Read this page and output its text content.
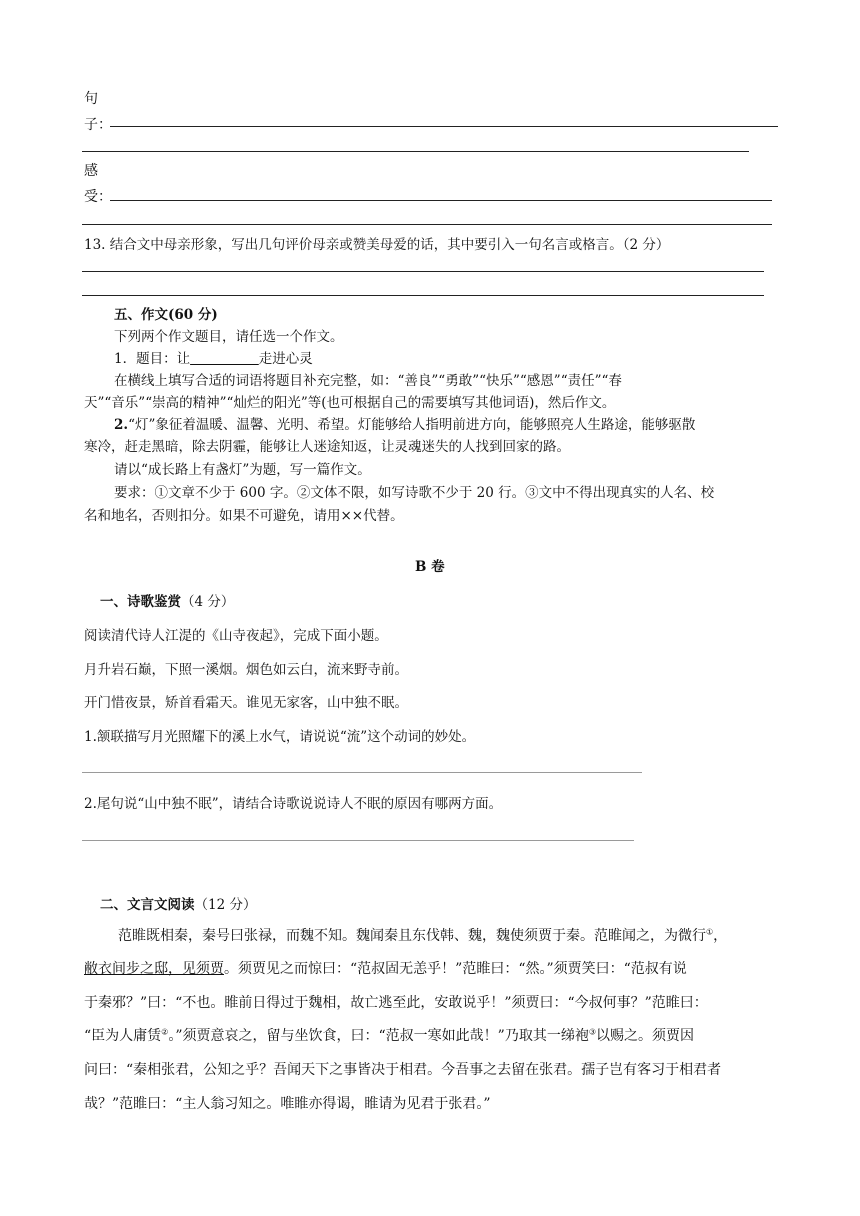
句
子：
感
受：
13. 结合文中母亲形象，写出几句评价母亲或赞美母爱的话，其中要引入一句名言或格言。（2 分）
五、作文(60 分)
下列两个作文题目，请任选一个作文。
1．题目：让	走进心灵
在横线上填写合适的词语将题目补充完整，如：“善良”“勇敢”“快乐”“感恩”“责任”“春
天”“音乐”“崇高的精神”“灿烂的阳光”等(也可根据自己的需要填写其他词语)，然后作文。
2.“灯”象征着温暖、温馨、光明、希望。灯能够给人指明前进方向，能够照亮人生路途，能够驱散
寒冷，赶走黑暗，除去阴霾，能够让人迷途知返，让灵魂迷失的人找到回家的路。
请以“成长路上有盏灯”为题，写一篇作文。
要求：①文章不少于 600 字。②文体不限，如写诗歌不少于 20 行。③文中不得出现真实的人名、校
名和地名，否则扣分。如果不可避免，请用××代替。
B 卷
一、诗歌鉴赏（4 分）
阅读清代诗人江湜的《山寺夜起》，完成下面小题。
月升岩石巅，下照一溪烟。烟色如云白，流来野寺前。
开门惜夜景，矫首看霜天。谁见无家客，山中独不眠。
1.颔联描写月光照耀下的溪上水气，请说说“流”这个动词的妙处。
2.尾句说“山中独不眠”，请结合诗歌说说诗人不眠的原因有哪两方面。
二、文言文阅读（12 分）
范睢既相秦，秦号曰张禄，而魏不知。魏闻秦且东伐韩、魏，魏使须贾于秦。范睢闻之，为微行①，
敝衣间步之邸，见须贾。须贾见之而惊曰：“范叔固无恙乎！”范睢曰：“然。”须贾笑曰：“范叔有说
于秦邪？”曰：“不也。睢前日得过于魏相，故亡逃至此，安敢说乎！”须贾曰：“今叔何事？”范睢曰：
“臣为人庸赁②。”须贾意哀之，留与坐饮食，曰：“范叔一寒如此哉！”乃取其一绨袍③以赐之。须贾因
问曰：“秦相张君，公知之乎？吾闻天下之事皆决于相君。今吾事之去留在张君。孺子岂有客习于相君者
哉？”范睢曰：“主人翁习知之。唯睢亦得谒，睢请为见君于张君。”
